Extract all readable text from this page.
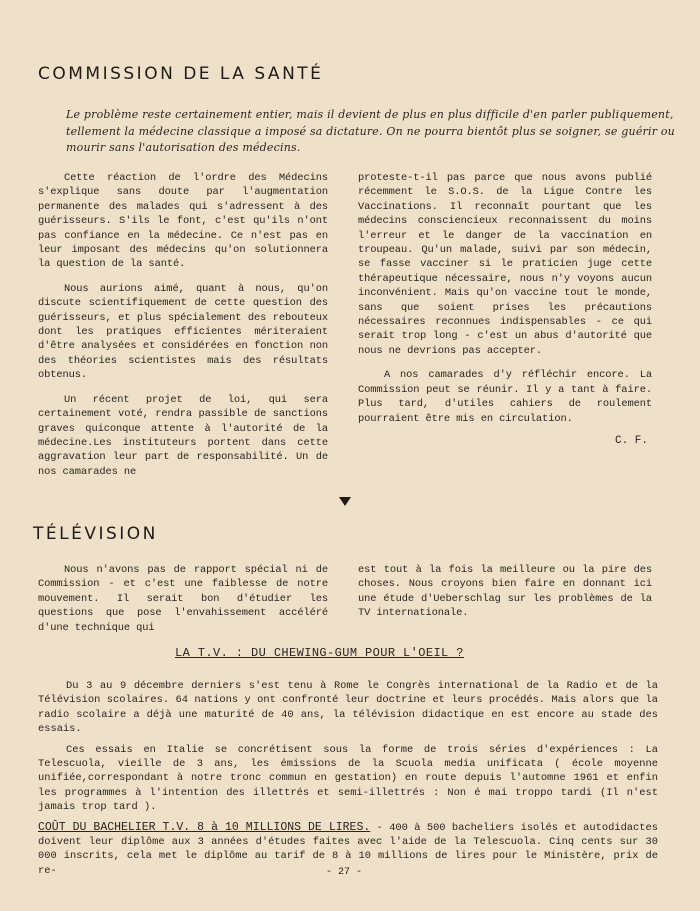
COMMISSION DE LA SANTÉ
Le problème reste certainement entier, mais il devient de plus en plus difficile d'en parler publiquement, tellement la médecine classique a imposé sa dictature. On ne pourra bientôt plus se soigner, se guérir ou mourir sans l'autorisation des médecins.

Cette réaction de l'ordre des Médecins s'explique sans doute par l'augmentation permanente des malades qui s'adressent à des guérisseurs. S'ils le font, c'est qu'ils n'ont pas confiance en la médecine. Ce n'est pas en leur imposant des médecins qu'on solutionnera la question de la santé.

Nous aurions aimé, quant à nous, qu'on discute scientifiquement de cette question des guérisseurs, et plus spécialement des rebouteux dont les pratiques efficientes mériteraient d'être analysées et considérées en fonction non des théories scientistes mais des résultats obtenus.

Un récent projet de loi, qui sera certainement voté, rendra passible de sanctions graves quiconque attente à l'autorité de la médecine.Les instituteurs portent dans cette aggravation leur part de responsabilité. Un de nos camarades ne

proteste-t-il pas parce que nous avons publié récemment le S.O.S. de la Ligue Contre les Vaccinations. Il reconnaît pourtant que les médecins consciencieux reconnaissent du moins l'erreur et le danger de la vaccination en troupeau. Qu'un malade, suivi par son médecin, se fasse vacciner si le praticien juge cette thérapeutique nécessaire, nous n'y voyons aucun inconvénient. Mais qu'on vaccine tout le monde, sans que soient prises les précautions nécessaires reconnues indispensables - ce qui serait trop long - c'est un abus d'autorité que nous ne devrions pas accepter.

A nos camarades d'y réfléchir encore. La Commission peut se réunir. Il y a tant à faire. Plus tard, d'utiles cahiers de roulement pourraient être mis en circulation.

C. F.
TÉLÉVISION

Nous n'avons pas de rapport spécial ni de Commission - et c'est une faiblesse de notre mouvement. Il serait bon d'étudier les questions que pose l'envahissement accéléré d'une technique qui

est tout à la fois la meilleure ou la pire des choses. Nous croyons bien faire en donnant ici une étude d'Ueberschlag sur les problèmes de la TV internationale.

LA T.V. : DU CHEWING-GUM POUR L'OEIL ?

Du 3 au 9 décembre derniers s'est tenu à Rome le Congrès international de la Radio et de la Télévision scolaires. 64 nations y ont confronté leur doctrine et leurs procédés. Mais alors que la radio scolaire a déjà une maturité de 40 ans, la télévision didactique en est encore au stade des essais.

Ces essais en Italie se concrétisent sous la forme de trois séries d'expériences : La Telescuola, vieille de 3 ans, les émissions de la Scuola media unificata ( école moyenne unifiée,correspondant à notre tronc commun en gestation) en route depuis l'automne 1961 et enfin les programmes à l'intention des illettrés et semi-illettrés : Non é mai troppo tardi (Il n'est jamais trop tard ).

COÛT DU BACHELIER T.V. 8 à 10 MILLIONS DE LIRES. - 400 à 500 bacheliers isolés et autodidactes doivent leur diplôme aux 3 années d'études faites avec l'aide de la Telescuola. Cinq cents sur 30 000 inscrits, cela met le diplôme au tarif de 8 à 10 millions de lires pour le Ministère, prix de re-	- 27 -
